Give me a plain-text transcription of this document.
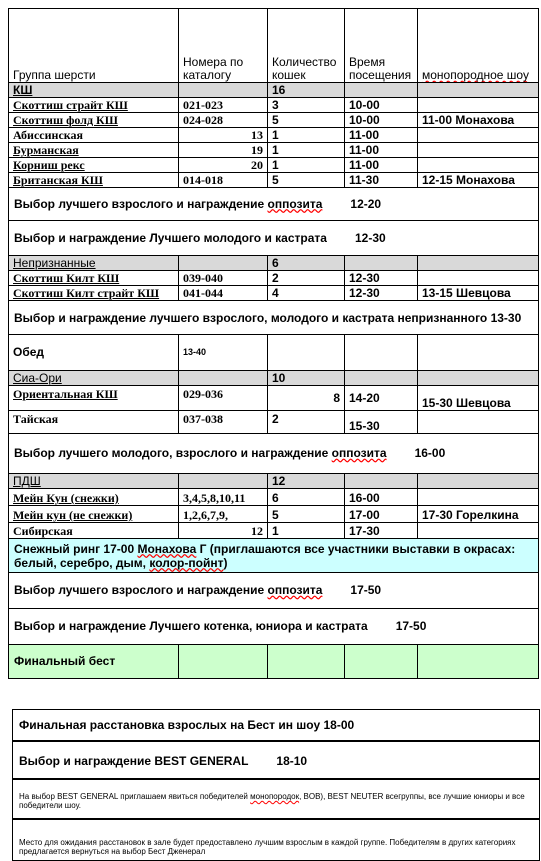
Группа шерсти	Номера по каталогу	Количество кошек	Время посещения	монопородное шоу
КШ		16		
Скоттиш страйт КШ	021-023	3	10-00	
Скоттиш фолд КШ	024-028	5	10-00	11-00 Монахова
Абиссинская	13	1	11-00	
Бурманская	19	1	11-00	
Корниш рекс	20	1	11-00	
Британская КШ	014-018	5	11-30	12-15 Монахова
Выбор лучшего взрослого и награждение оппозита 12-20				
Выбор и награждение Лучшего молодого и кастрата 12-30				
Непризнанные		6		
Скоттиш Килт КШ	039-040	2	12-30	
Скоттиш Килт страйт КШ	041-044	4	12-30	13-15 Шевцова
Выбор и награждение лучшего взрослого, молодого и кастрата непризнанного 13-30				
Обед	13-40			
Сиа-Ори		10		
Ориентальная КШ	029-036	8	14-20	15-30 Шевцова
Тайская	037-038	2	15-30	
Выбор лучшего молодого, взрослого и награждение оппозита 16-00				
ПДШ		12		
Мейн Кун (снежки)	3,4,5,8,10,11	6	16-00	
Мейн кун (не снежки)	1,2,6,7,9,	5	17-00	17-30 Горелкина
Сибирская	12	1	17-30	
Снежный ринг 17-00 Монахова Г (приглашаются все участники выставки в окрасах: белый, серебро, дым, колор-пойнт)				
Выбор лучшего взрослого и награждение оппозита 17-50				
Выбор и награждение Лучшего котенка, юниора и кастрата 17-50				
Финальный бест				
Финальная расстановка взрослых на Бест ин шоу 18-00
Выбор и награждение BEST GENERAL 18-10
На выбор BEST GENERAL приглашаем явиться победителей монопородок, BOB), BEST NEUTER всегруппы, все лучшие юниоры и все победители шоу.
Место для ожидания расстановок в зале будет предоставлено лучшим взрослым в каждой группе. Победителям в других категориях предлагается вернуться на выбор Бест Дженерал
